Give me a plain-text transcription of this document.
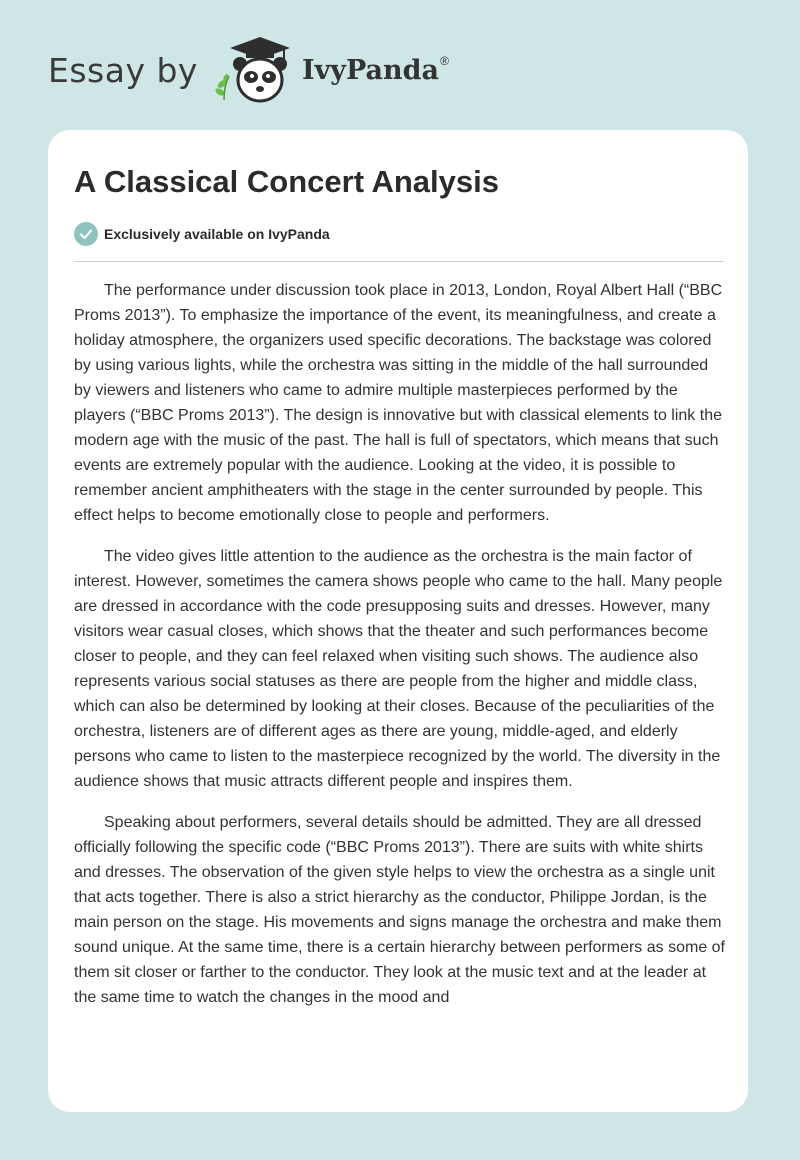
Essay by	IvyPanda ®
A Classical Concert Analysis
Exclusively available on IvyPanda

The performance under discussion took place in 2013, London, Royal Albert Hall (“BBC Proms 2013”). To emphasize the importance of the event, its meaningfulness, and create a holiday atmosphere, the organizers used specific decorations. The backstage was colored by using various lights, while the orchestra was sitting in the middle of the hall surrounded by viewers and listeners who came to admire multiple masterpieces performed by the players (“BBC Proms 2013”). The design is innovative but with classical elements to link the modern age with the music of the past. The hall is full of spectators, which means that such events are extremely popular with the audience. Looking at the video, it is possible to remember ancient amphitheaters with the stage in the center surrounded by people. This effect helps to become emotionally close to people and performers.

The video gives little attention to the audience as the orchestra is the main factor of interest. However, sometimes the camera shows people who came to the hall. Many people are dressed in accordance with the code presupposing suits and dresses. However, many visitors wear casual closes, which shows that the theater and such performances become closer to people, and they can feel relaxed when visiting such shows. The audience also represents various social statuses as there are people from the higher and middle class, which can also be determined by looking at their closes. Because of the peculiarities of the orchestra, listeners are of different ages as there are young, middle-aged, and elderly persons who came to listen to the masterpiece recognized by the world. The diversity in the audience shows that music attracts different people and inspires them.

Speaking about performers, several details should be admitted. They are all dressed officially following the specific code (“BBC Proms 2013”). There are suits with white shirts and dresses. The observation of the given style helps to view the orchestra as a single unit that acts together. There is also a strict hierarchy as the conductor, Philippe Jordan, is the main person on the stage. His movements and signs manage the orchestra and make them sound unique. At the same time, there is a certain hierarchy between performers as some of them sit closer or farther to the conductor. They look at the music text and at the leader at the same time to watch the changes in the mood and
